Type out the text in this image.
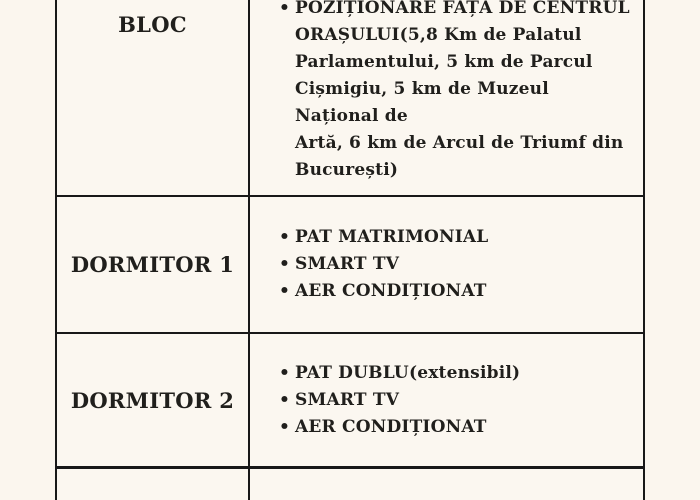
BLOC
• POZIȚIONARE FAȚA DE CENTRUL
ORAȘULUI(5,8 Km de Palatul
Parlamentului, 5 km de Parcul
Cișmigiu, 5 km de Muzeul Național de
Artă, 6 km de Arcul de Triumf din
București)
DORMITOR 1
• PAT MATRIMONIAL
• SMART TV
• AER CONDIȚIONAT
DORMITOR 2
• PAT DUBLU(extensibil)
• SMART TV
• AER CONDIȚIONAT
